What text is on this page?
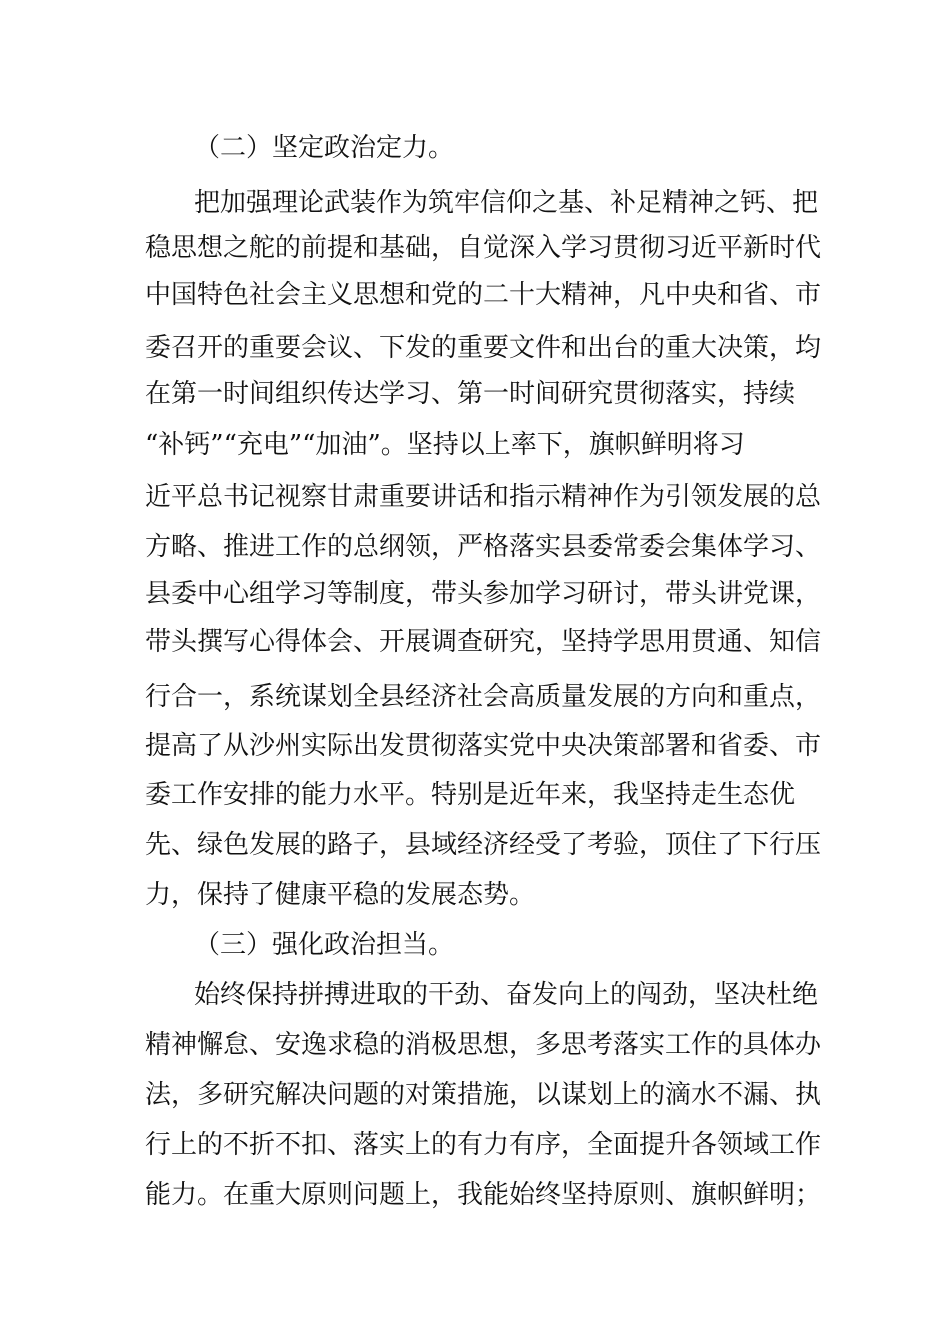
（二）坚定政治定力。

把加强理论武装作为筑牢信仰之基、补足精神之钙、把

稳思想之舵的前提和基础，自觉深入学习贯彻习近平新时代

中国特色社会主义思想和党的二十大精神，凡中央和省、市

委召开的重要会议、下发的重要文件和出台的重大决策，均

在第一时间组织传达学习、第一时间研究贯彻落实，持续

“补钙”“充电”“加油”。坚持以上率下，旗帜鲜明将习

近平总书记视察甘肃重要讲话和指示精神作为引领发展的总

方略、推进工作的总纲领，严格落实县委常委会集体学习、

县委中心组学习等制度，带头参加学习研讨，带头讲党课，

带头撰写心得体会、开展调查研究，坚持学思用贯通、知信

行合一，系统谋划全县经济社会高质量发展的方向和重点，

提高了从沙州实际出发贯彻落实党中央决策部署和省委、市

委工作安排的能力水平。特别是近年来，我坚持走生态优

先、绿色发展的路子，县域经济经受了考验，顶住了下行压

力，保持了健康平稳的发展态势。

（三）强化政治担当。

始终保持拼搏进取的干劲、奋发向上的闯劲，坚决杜绝

精神懈怠、安逸求稳的消极思想，多思考落实工作的具体办

法，多研究解决问题的对策措施，以谋划上的滴水不漏、执

行上的不折不扣、落实上的有力有序，全面提升各领域工作

能力。在重大原则问题上，我能始终坚持原则、旗帜鲜明；
